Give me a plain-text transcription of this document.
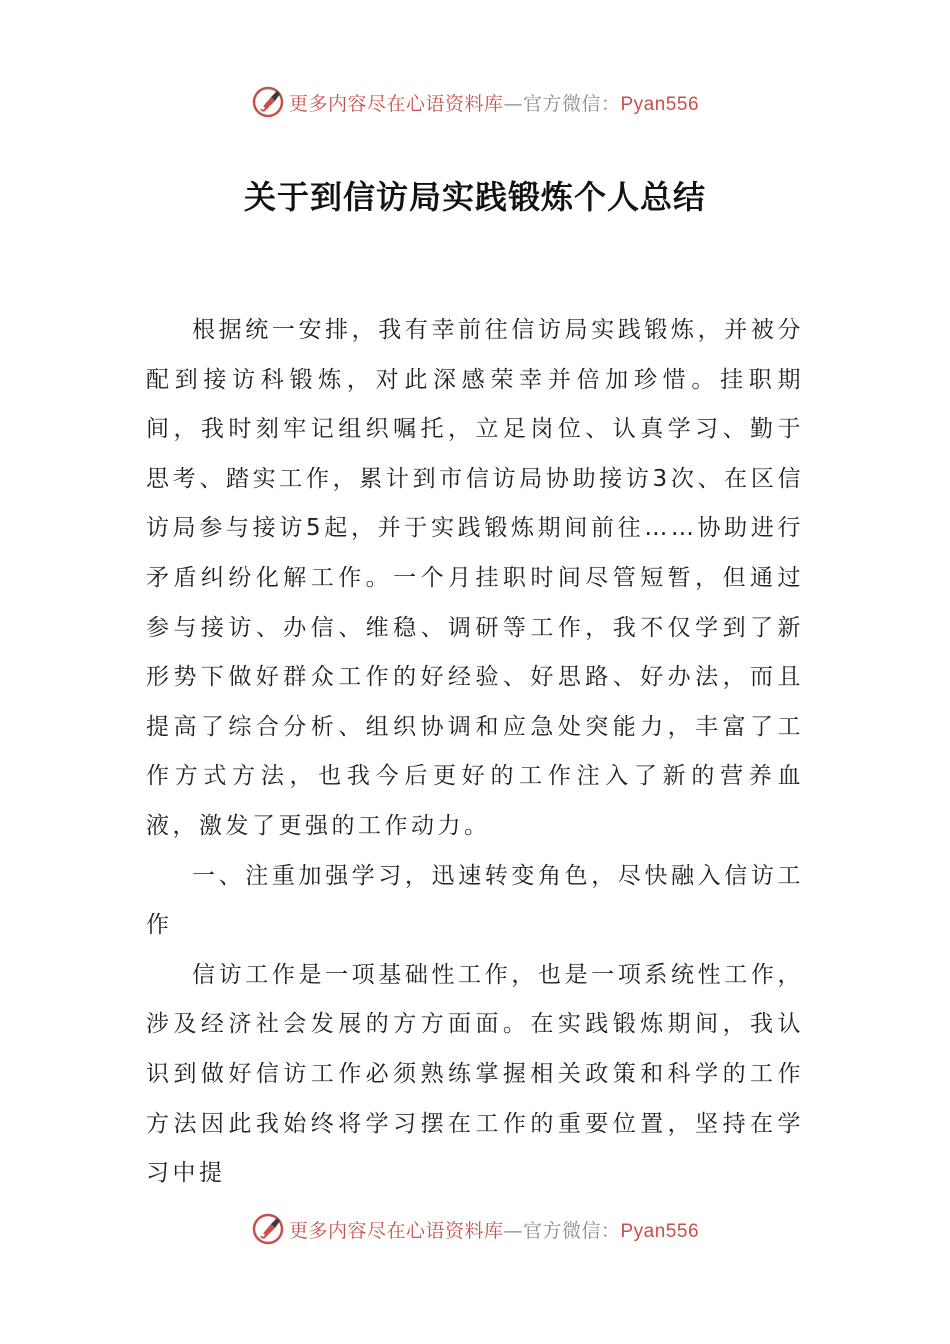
更多内容尽在心语资料库—官方微信：Pyan556
关于到信访局实践锻炼个人总结

根据统一安排，我有幸前往信访局实践锻炼，并被分配到接访科锻炼，对此深感荣幸并倍加珍惜。挂职期间，我时刻牢记组织嘱托，立足岗位、认真学习、勤于思考、踏实工作，累计到市信访局协助接访3次、在区信访局参与接访5起，并于实践锻炼期间前往……协助进行矛盾纠纷化解工作。一个月挂职时间尽管短暂，但通过参与接访、办信、维稳、调研等工作，我不仅学到了新形势下做好群众工作的好经验、好思路、好办法，而且提高了综合分析、组织协调和应急处突能力，丰富了工作方式方法，也我今后更好的工作注入了新的营养血液，激发了更强的工作动力。

一、注重加强学习，迅速转变角色，尽快融入信访工作

信访工作是一项基础性工作，也是一项系统性工作，涉及经济社会发展的方方面面。在实践锻炼期间，我认识到做好信访工作必须熟练掌握相关政策和科学的工作方法因此我始终将学习摆在工作的重要位置，坚持在学习中提

更多内容尽在心语资料库—官方微信：Pyan556
